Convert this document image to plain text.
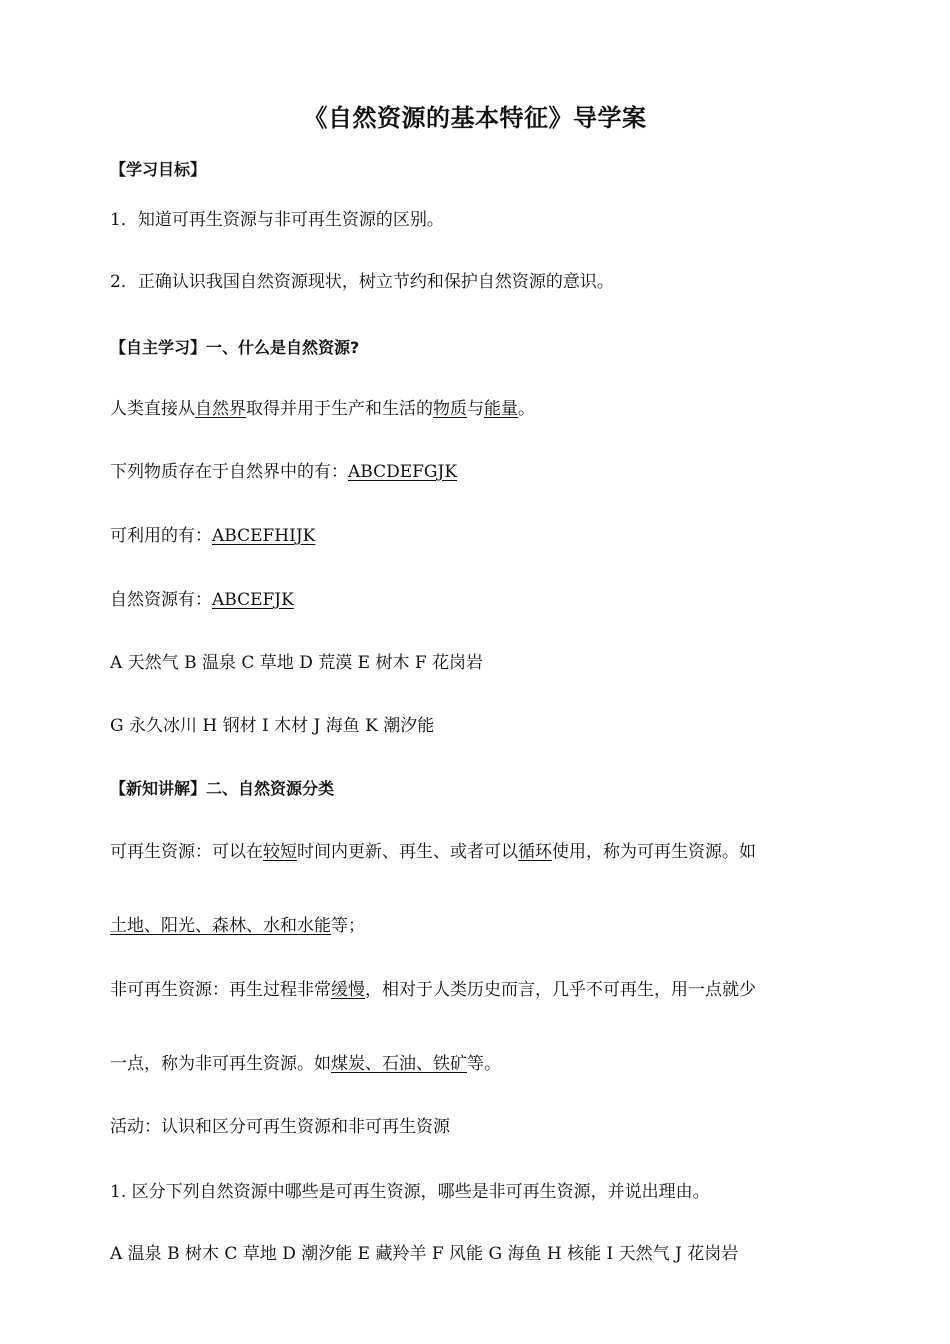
《自然资源的基本特征》导学案
【学习目标】
1．知道可再生资源与非可再生资源的区别。
2．正确认识我国自然资源现状，树立节约和保护自然资源的意识。
【自主学习】一、什么是自然资源?
人类直接从自然界取得并用于生产和生活的物质与能量。
下列物质存在于自然界中的有：ABCDEFGJK
可利用的有：ABCEFHIJK
自然资源有：ABCEFJK
A 天然气 B 温泉 C 草地 D 荒漠 E 树木 F 花岗岩
G 永久冰川 H 钢材 I 木材 J 海鱼 K 潮汐能
【新知讲解】二、自然资源分类
可再生资源：可以在较短时间内更新、再生、或者可以循环使用，称为可再生资源。如
土地、阳光、森林、水和水能等；
非可再生资源：再生过程非常缓慢，相对于人类历史而言，几乎不可再生，用一点就少
一点，称为非可再生资源。如煤炭、石油、铁矿等。
活动：认识和区分可再生资源和非可再生资源
1. 区分下列自然资源中哪些是可再生资源，哪些是非可再生资源，并说出理由。
A 温泉 B 树木 C 草地 D 潮汐能 E 藏羚羊 F 风能 G 海鱼 H 核能 I 天然气 J 花岗岩
